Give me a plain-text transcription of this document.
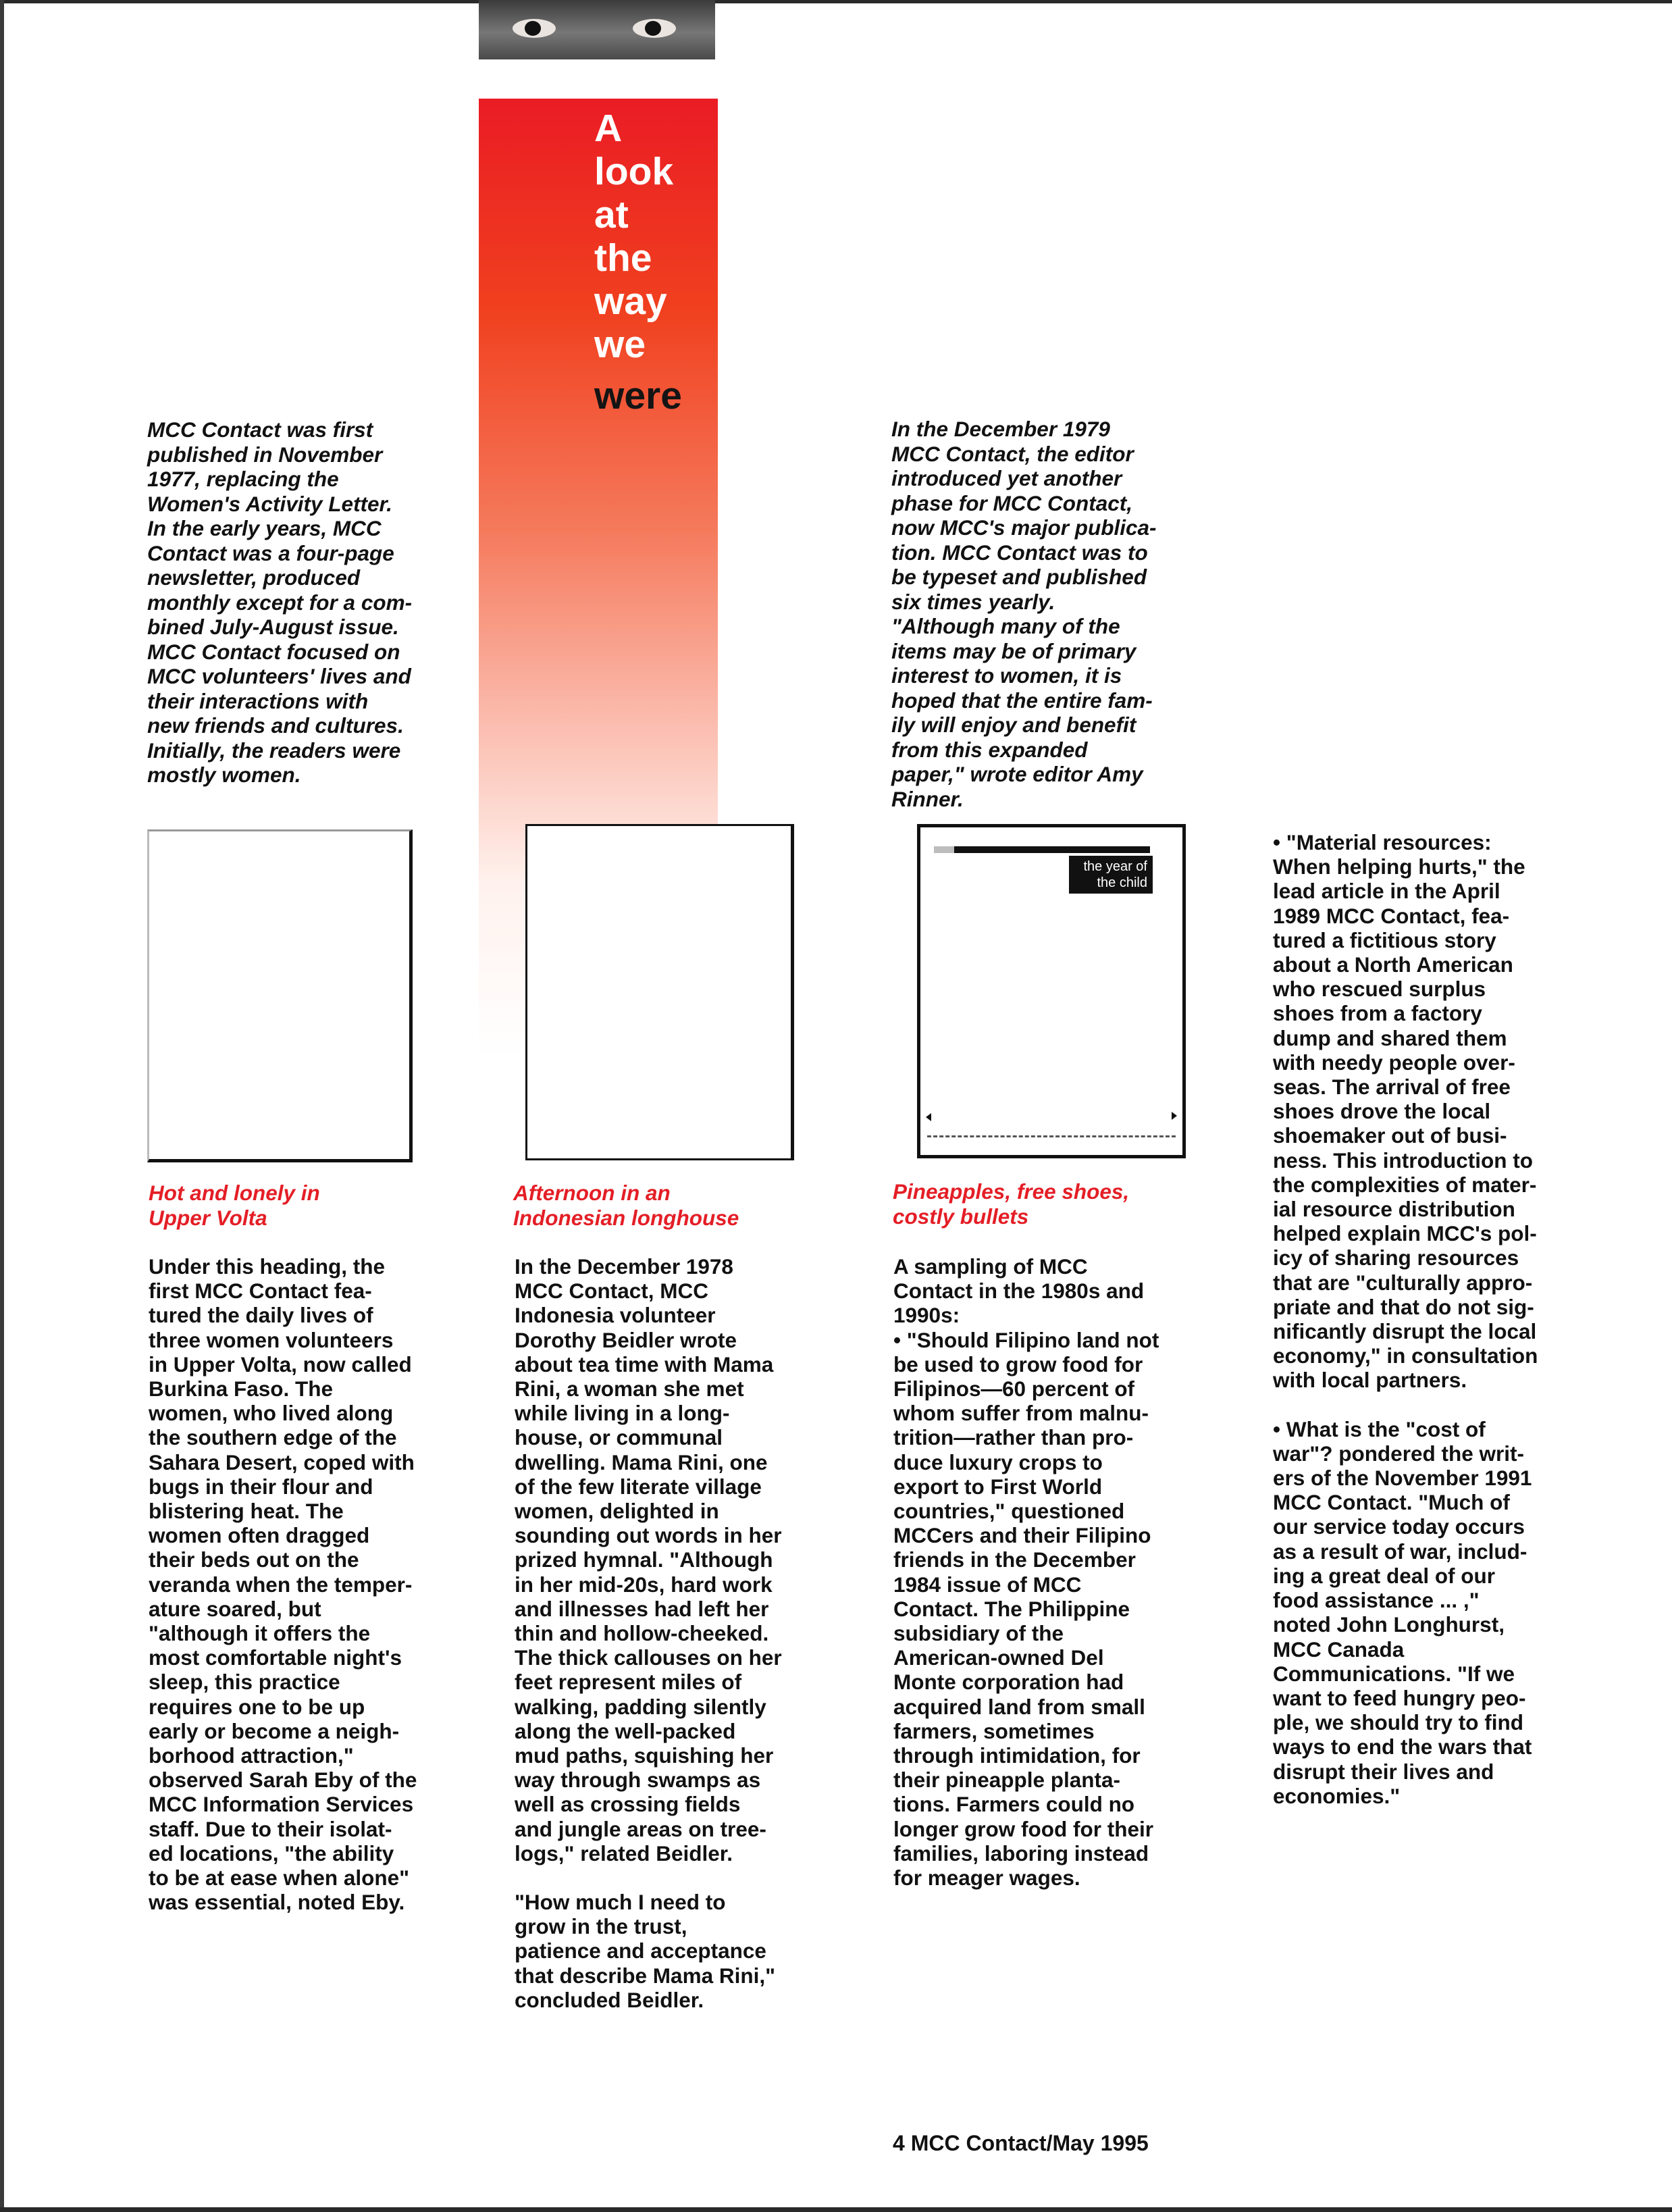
A
look
at
the
way
we
were

MCC Contact was first

published in November

1977, replacing the

Women's Activity Letter.

In the early years, MCC

Contact was a four-page

newsletter, produced

monthly except for a com-

bined July-August issue.

MCC Contact focused on

MCC volunteers' lives and

their interactions with

new friends and cultures.

Initially, the readers were

mostly women.

In the December 1979

MCC Contact, the editor

introduced yet another

phase for MCC Contact,

now MCC's major publica-

tion. MCC Contact was to

be typeset and published

six times yearly.

"Although many of the

items may be of primary

interest to women, it is

hoped that the entire fam-

ily will enjoy and benefit

from this expanded

paper," wrote editor Amy

Rinner.

the year of
the child
Hot and lonely in
Upper Volta
Afternoon in an
Indonesian longhouse
Pineapples, free shoes,
costly bullets

Under this heading, the

first MCC Contact fea-

tured the daily lives of

three women volunteers

in Upper Volta, now called

Burkina Faso. The

women, who lived along

the southern edge of the

Sahara Desert, coped with

bugs in their flour and

blistering heat. The

women often dragged

their beds out on the

veranda when the temper-

ature soared, but

"although it offers the

most comfortable night's

sleep, this practice

requires one to be up

early or become a neigh-

borhood attraction,"

observed Sarah Eby of the

MCC Information Services

staff. Due to their isolat-

ed locations, "the ability

to be at ease when alone"

was essential, noted Eby.

In the December 1978

MCC Contact, MCC

Indonesia volunteer

Dorothy Beidler wrote

about tea time with Mama

Rini, a woman she met

while living in a long-

house, or communal

dwelling. Mama Rini, one

of the few literate village

women, delighted in

sounding out words in her

prized hymnal. "Although

in her mid-20s, hard work

and illnesses had left her

thin and hollow-cheeked.

The thick callouses on her

feet represent miles of

walking, padding silently

along the well-packed

mud paths, squishing her

way through swamps as

well as crossing fields

and jungle areas on tree-

logs," related Beidler.

"How much I need to

grow in the trust,

patience and acceptance

that describe Mama Rini,"

concluded Beidler.

A sampling of MCC

Contact in the 1980s and

1990s:

• "Should Filipino land not

be used to grow food for

Filipinos—60 percent of

whom suffer from malnu-

trition—rather than pro-

duce luxury crops to

export to First World

countries," questioned

MCCers and their Filipino

friends in the December

1984 issue of MCC

Contact. The Philippine

subsidiary of the

American-owned Del

Monte corporation had

acquired land from small

farmers, sometimes

through intimidation, for

their pineapple planta-

tions. Farmers could no

longer grow food for their

families, laboring instead

for meager wages.

• "Material resources:

When helping hurts," the

lead article in the April

1989 MCC Contact, fea-

tured a fictitious story

about a North American

who rescued surplus

shoes from a factory

dump and shared them

with needy people over-

seas. The arrival of free

shoes drove the local

shoemaker out of busi-

ness. This introduction to

the complexities of mater-

ial resource distribution

helped explain MCC's pol-

icy of sharing resources

that are "culturally appro-

priate and that do not sig-

nificantly disrupt the local

economy," in consultation

with local partners.

• What is the "cost of

war"? pondered the writ-

ers of the November 1991

MCC Contact. "Much of

our service today occurs

as a result of war, includ-

ing a great deal of our

food assistance ... ,"

noted John Longhurst,

MCC Canada

Communications. "If we

want to feed hungry peo-

ple, we should try to find

ways to end the wars that

disrupt their lives and

economies."

4 MCC Contact/May 1995
